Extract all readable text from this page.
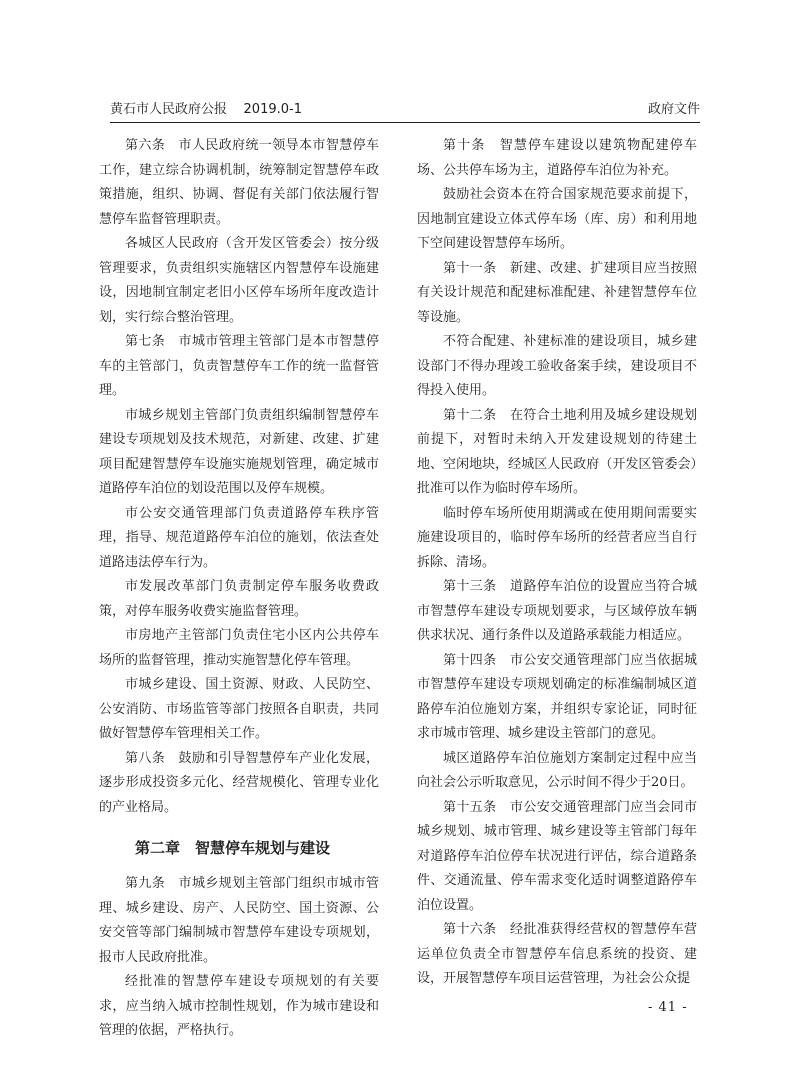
黄石市人民政府公报    2019.0-1	政府文件

第六条　市人民政府统一领导本市智慧停车工作，建立综合协调机制，统筹制定智慧停车政策措施，组织、协调、督促有关部门依法履行智慧停车监督管理职责。

各城区人民政府（含开发区管委会）按分级管理要求，负责组织实施辖区内智慧停车设施建设，因地制宜制定老旧小区停车场所年度改造计划，实行综合整治管理。

第七条　市城市管理主管部门是本市智慧停车的主管部门，负责智慧停车工作的统一监督管理。

市城乡规划主管部门负责组织编制智慧停车建设专项规划及技术规范，对新建、改建、扩建项目配建智慧停车设施实施规划管理，确定城市道路停车泊位的划设范围以及停车规模。

市公安交通管理部门负责道路停车秩序管理，指导、规范道路停车泊位的施划，依法查处道路违法停车行为。

市发展改革部门负责制定停车服务收费政策，对停车服务收费实施监督管理。

市房地产主管部门负责住宅小区内公共停车场所的监督管理，推动实施智慧化停车管理。

市城乡建设、国土资源、财政、人民防空、公安消防、市场监管等部门按照各自职责，共同做好智慧停车管理相关工作。

第八条　鼓励和引导智慧停车产业化发展，逐步形成投资多元化、经营规模化、管理专业化的产业格局。

第二章　智慧停车规划与建设

第九条　市城乡规划主管部门组织市城市管理、城乡建设、房产、人民防空、国土资源、公安交管等部门编制城市智慧停车建设专项规划，报市人民政府批准。

经批准的智慧停车建设专项规划的有关要求，应当纳入城市控制性规划，作为城市建设和管理的依据，严格执行。

第十条　智慧停车建设以建筑物配建停车场、公共停车场为主，道路停车泊位为补充。

鼓励社会资本在符合国家规范要求前提下，因地制宜建设立体式停车场（库、房）和利用地下空间建设智慧停车场所。

第十一条　新建、改建、扩建项目应当按照有关设计规范和配建标准配建、补建智慧停车位等设施。

不符合配建、补建标准的建设项目，城乡建设部门不得办理竣工验收备案手续，建设项目不得投入使用。

第十二条　在符合土地利用及城乡建设规划前提下，对暂时未纳入开发建设规划的待建土地、空闲地块，经城区人民政府（开发区管委会）批准可以作为临时停车场所。

临时停车场所使用期满或在使用期间需要实施建设项目的，临时停车场所的经营者应当自行拆除、清场。

第十三条　道路停车泊位的设置应当符合城市智慧停车建设专项规划要求，与区域停放车辆供求状况、通行条件以及道路承载能力相适应。

第十四条　市公安交通管理部门应当依据城市智慧停车建设专项规划确定的标准编制城区道路停车泊位施划方案，并组织专家论证，同时征求市城市管理、城乡建设主管部门的意见。

城区道路停车泊位施划方案制定过程中应当向社会公示听取意见，公示时间不得少于20日。

第十五条　市公安交通管理部门应当会同市城乡规划、城市管理、城乡建设等主管部门每年对道路停车泊位停车状况进行评估，综合道路条件、交通流量、停车需求变化适时调整道路停车泊位设置。

第十六条　经批准获得经营权的智慧停车营运单位负责全市智慧停车信息系统的投资、建设，开展智慧停车项目运营管理，为社会公众提

- 41 -
